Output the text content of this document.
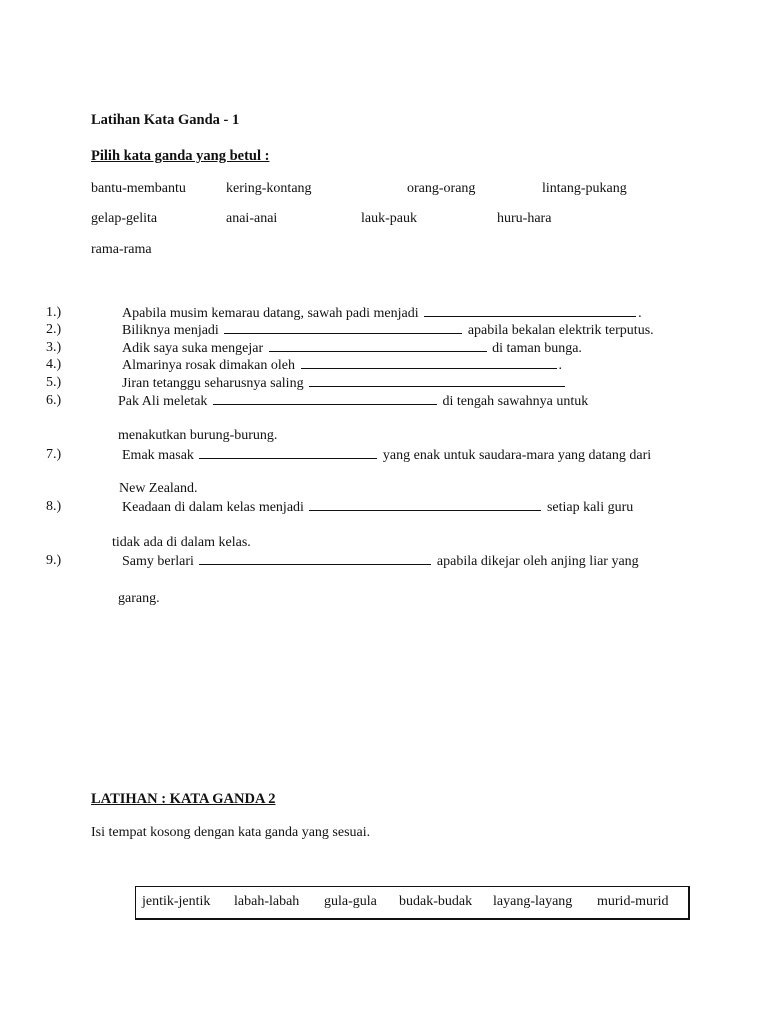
Latihan Kata Ganda - 1
Pilih kata ganda yang betul :
bantu-membantu	kering-kontang	orang-orang	lintang-pukang
gelap-gelita	anai-anai	lauk-pauk	huru-hara
rama-rama
1.)	Apabila musim kemarau datang, sawah padi menjadi	.
2.)	Biliknya menjadi	apabila bekalan elektrik terputus.
3.)	Adik saya suka mengejar	di taman bunga.
4.)	Almarinya rosak dimakan oleh	.
5.)	Jiran tetanggu seharusnya saling
6.)	Pak Ali meletak	di tengah sawahnya untuk
menakutkan burung-burung.
7.)	Emak masak	yang enak untuk saudara-mara yang datang dari
New Zealand.
8.)	Keadaan di dalam kelas menjadi	setiap kali guru
tidak ada di dalam kelas.
9.)	Samy berlari	apabila dikejar oleh anjing liar yang
garang.
LATIHAN : KATA GANDA 2
Isi tempat kosong dengan kata ganda yang sesuai.
jentik-jentik labah-labah gula-gula budak-budak layang-layang murid-murid
